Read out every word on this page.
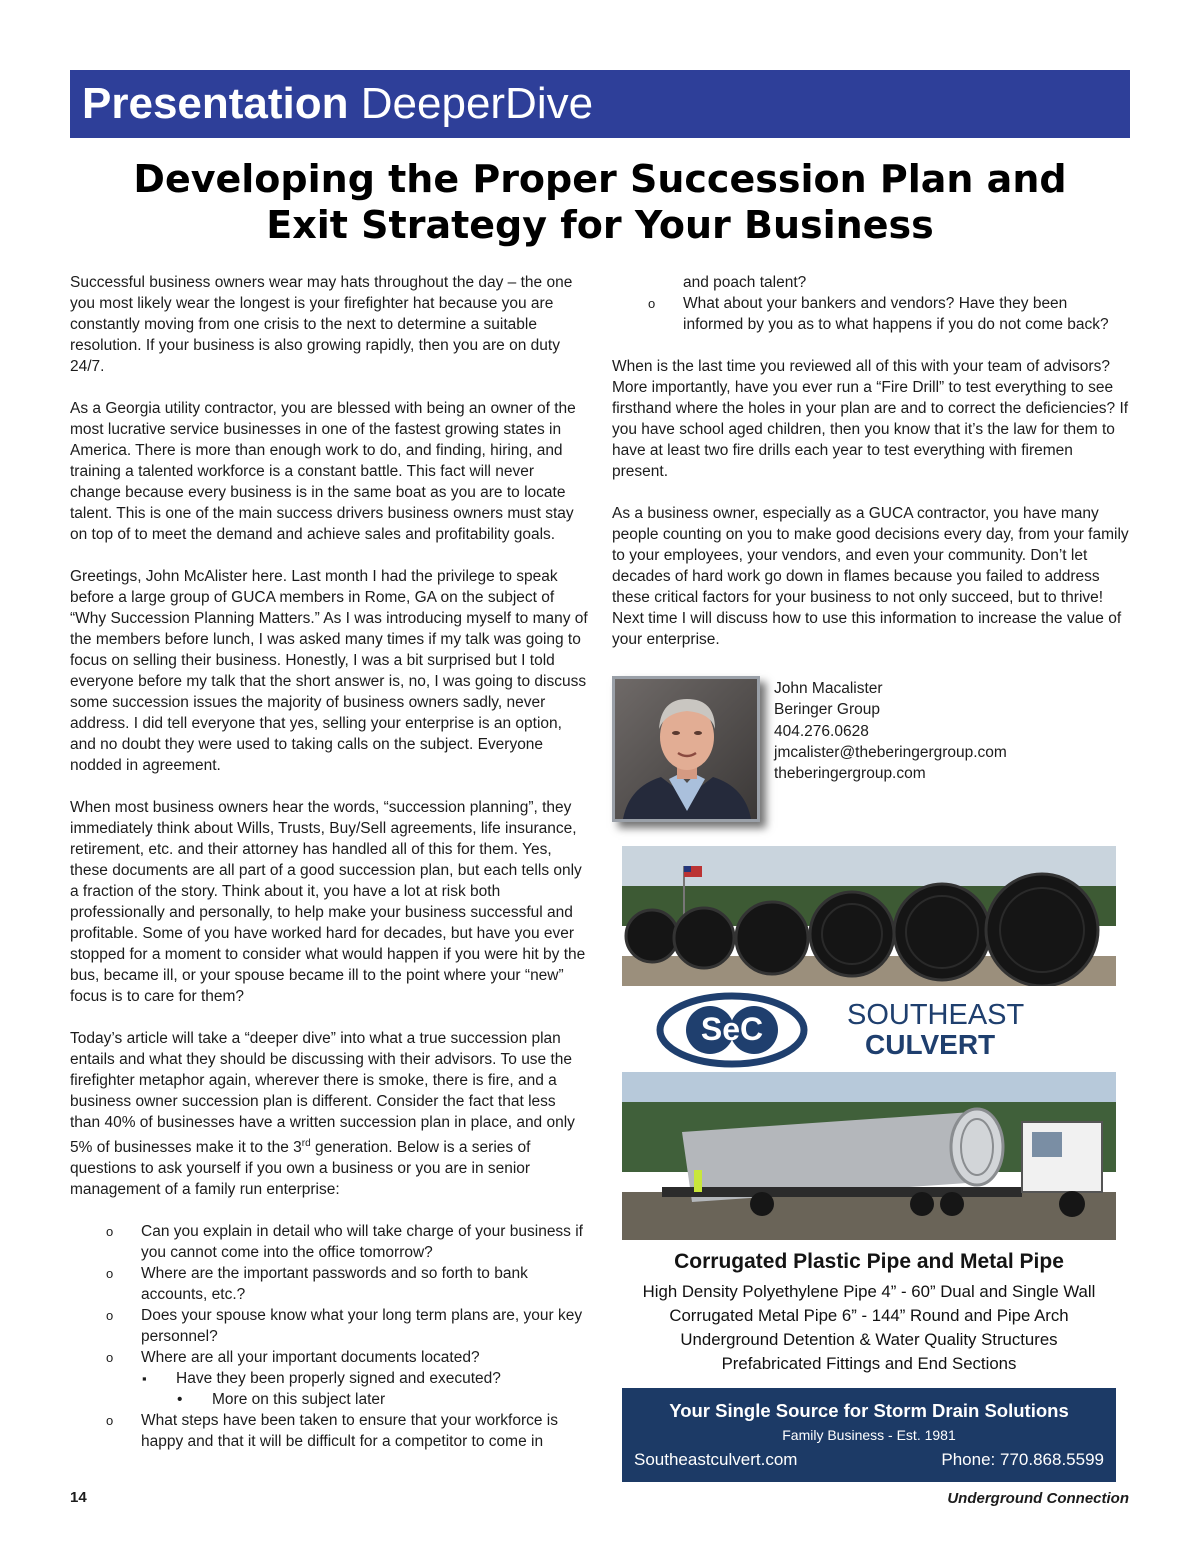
Presentation DeeperDive
Developing the Proper Succession Plan and
Exit Strategy for Your Business

Successful business owners wear may hats throughout the day – the one you most likely wear the longest is your firefighter hat because you are constantly moving from one crisis to the next to determine a suitable resolution. If your business is also growing rapidly, then you are on duty 24/7.

As a Georgia utility contractor, you are blessed with being an owner of the most lucrative service businesses in one of the fastest growing states in America. There is more than enough work to do, and finding, hiring, and training a talented workforce is a constant battle. This fact will never change because every business is in the same boat as you are to locate talent. This is one of the main success drivers business owners must stay on top of to meet the demand and achieve sales and profitability goals.

Greetings, John McAlister here. Last month I had the privilege to speak before a large group of GUCA members in Rome, GA on the subject of “Why Succession Planning Matters.” As I was introducing myself to many of the members before lunch, I was asked many times if my talk was going to focus on selling their business. Honestly, I was a bit surprised but I told everyone before my talk that the short answer is, no, I was going to discuss some succession issues the majority of business owners sadly, never address. I did tell everyone that yes, selling your enterprise is an option, and no doubt they were used to taking calls on the subject. Everyone nodded in agreement.

When most business owners hear the words, “succession planning”, they immediately think about Wills, Trusts, Buy/Sell agreements, life insurance, retirement, etc. and their attorney has handled all of this for them. Yes, these documents are all part of a good succession plan, but each tells only a fraction of the story. Think about it, you have a lot at risk both professionally and personally, to help make your business successful and profitable. Some of you have worked hard for decades, but have you ever stopped for a moment to consider what would happen if you were hit by the bus, became ill, or your spouse became ill to the point where your “new” focus is to care for them?

Today’s article will take a “deeper dive” into what a true succession plan entails and what they should be discussing with their advisors. To use the firefighter metaphor again, wherever there is smoke, there is fire, and a business owner succession plan is different. Consider the fact that less than 40% of businesses have a written succession plan in place, and only 5% of businesses make it to the 3rd generation. Below is a series of questions to ask yourself if you own a business or you are in senior management of a family run enterprise:

o Can you explain in detail who will take charge of your business if you cannot come into the office tomorrow?
o Where are the important passwords and so forth to bank accounts, etc.?
o Does your spouse know what your long term plans are, your key personnel?
o Where are all your important documents located?
▪ Have they been properly signed and executed?
• More on this subject later
o What steps have been taken to ensure that your workforce is happy and that it will be difficult for a competitor to come in
and poach talent?
o What about your bankers and vendors? Have they been informed by you as to what happens if you do not come back?

When is the last time you reviewed all of this with your team of advisors? More importantly, have you ever run a “Fire Drill” to test everything to see firsthand where the holes in your plan are and to correct the deficiencies? If you have school aged children, then you know that it’s the law for them to have at least two fire drills each year to test everything with firemen present.

As a business owner, especially as a GUCA contractor, you have many people counting on you to make good decisions every day, from your family to your employees, your vendors, and even your community. Don’t let decades of hard work go down in flames because you failed to address these critical factors for your business to not only succeed, but to thrive! Next time I will discuss how to use this information to increase the value of your enterprise.

John Macalister
Beringer Group
404.276.0628
jmcalister@theberingergroup.com
theberingergroup.com
SeC	SOUTHEAST
CULVERT
Corrugated Plastic Pipe and Metal Pipe
High Density Polyethylene Pipe 4” - 60” Dual and Single Wall
Corrugated Metal Pipe 6” - 144” Round and Pipe Arch
Underground Detention & Water Quality Structures
Prefabricated Fittings and End Sections
Your Single Source for Storm Drain Solutions
Family Business - Est. 1981
Southeastculvert.com	Phone: 770.868.5599
14	Underground Connection
